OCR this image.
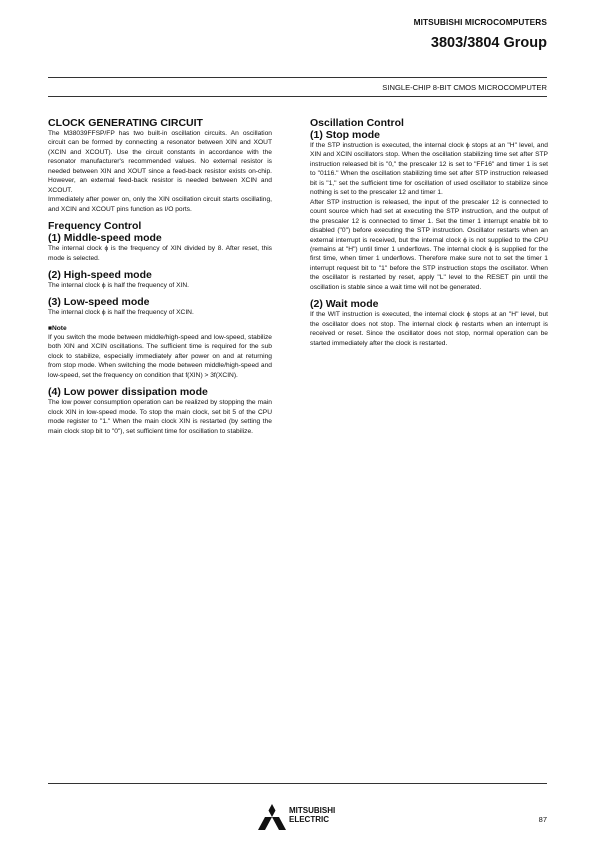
MITSUBISHI MICROCOMPUTERS
3803/3804 Group
SINGLE-CHIP 8-BIT CMOS MICROCOMPUTER
CLOCK GENERATING CIRCUIT

The M38039FFSP/FP has two built-in oscillation circuits. An oscillation circuit can be formed by connecting a resonator between XIN and XOUT (XCIN and XCOUT). Use the circuit constants in accordance with the resonator manufacturer's recommended values. No external resistor is needed between XIN and XOUT since a feed-back resistor exists on-chip. However, an external feed-back resistor is needed between XCIN and XCOUT.

Immediately after power on, only the XIN oscillation circuit starts oscillating, and XCIN and XCOUT pins function as I/O ports.

Frequency Control
(1) Middle-speed mode

The internal clock ϕ is the frequency of XIN divided by 8. After reset, this mode is selected.

(2) High-speed mode

The internal clock ϕ is half the frequency of XIN.

(3) Low-speed mode

The internal clock ϕ is half the frequency of XCIN.

■Note

If you switch the mode between middle/high-speed and low-speed, stabilize both XIN and XCIN oscillations. The sufficient time is required for the sub clock to stabilize, especially immediately after power on and at returning from stop mode. When switching the mode between middle/high-speed and low-speed, set the frequency on condition that f(XIN) > 3f(XCIN).

(4) Low power dissipation mode

The low power consumption operation can be realized by stopping the main clock XIN in low-speed mode. To stop the main clock, set bit 5 of the CPU mode register to "1." When the main clock XIN is restarted (by setting the main clock stop bit to "0"), set sufficient time for oscillation to stabilize.

Oscillation Control
(1) Stop mode

If the STP instruction is executed, the internal clock ϕ stops at an "H" level, and XIN and XCIN oscillators stop. When the oscillation stabilizing time set after STP instruction released bit is "0," the prescaler 12 is set to "FF16" and timer 1 is set to "0116." When the oscillation stabilizing time set after STP instruction released bit is "1," set the sufficient time for oscillation of used oscillator to stabilize since nothing is set to the prescaler 12 and timer 1.

After STP instruction is released, the input of the prescaler 12 is connected to count source which had set at executing the STP instruction, and the output of the prescaler 12 is connected to timer 1. Set the timer 1 interrupt enable bit to disabled ("0") before executing the STP instruction. Oscillator restarts when an external interrupt is received, but the internal clock ϕ is not supplied to the CPU (remains at "H") until timer 1 underflows. The internal clock ϕ is supplied for the first time, when timer 1 underflows. Therefore make sure not to set the timer 1 interrupt request bit to "1" before the STP instruction stops the oscillator. When the oscillator is restarted by reset, apply "L" level to the RESET pin until the oscillation is stable since a wait time will not be generated.

(2) Wait mode

If the WIT instruction is executed, the internal clock ϕ stops at an "H" level, but the oscillator does not stop. The internal clock ϕ restarts when an interrupt is received or reset. Since the oscillator does not stop, normal operation can be started immediately after the clock is restarted.

MITSUBISHI
ELECTRIC	87
